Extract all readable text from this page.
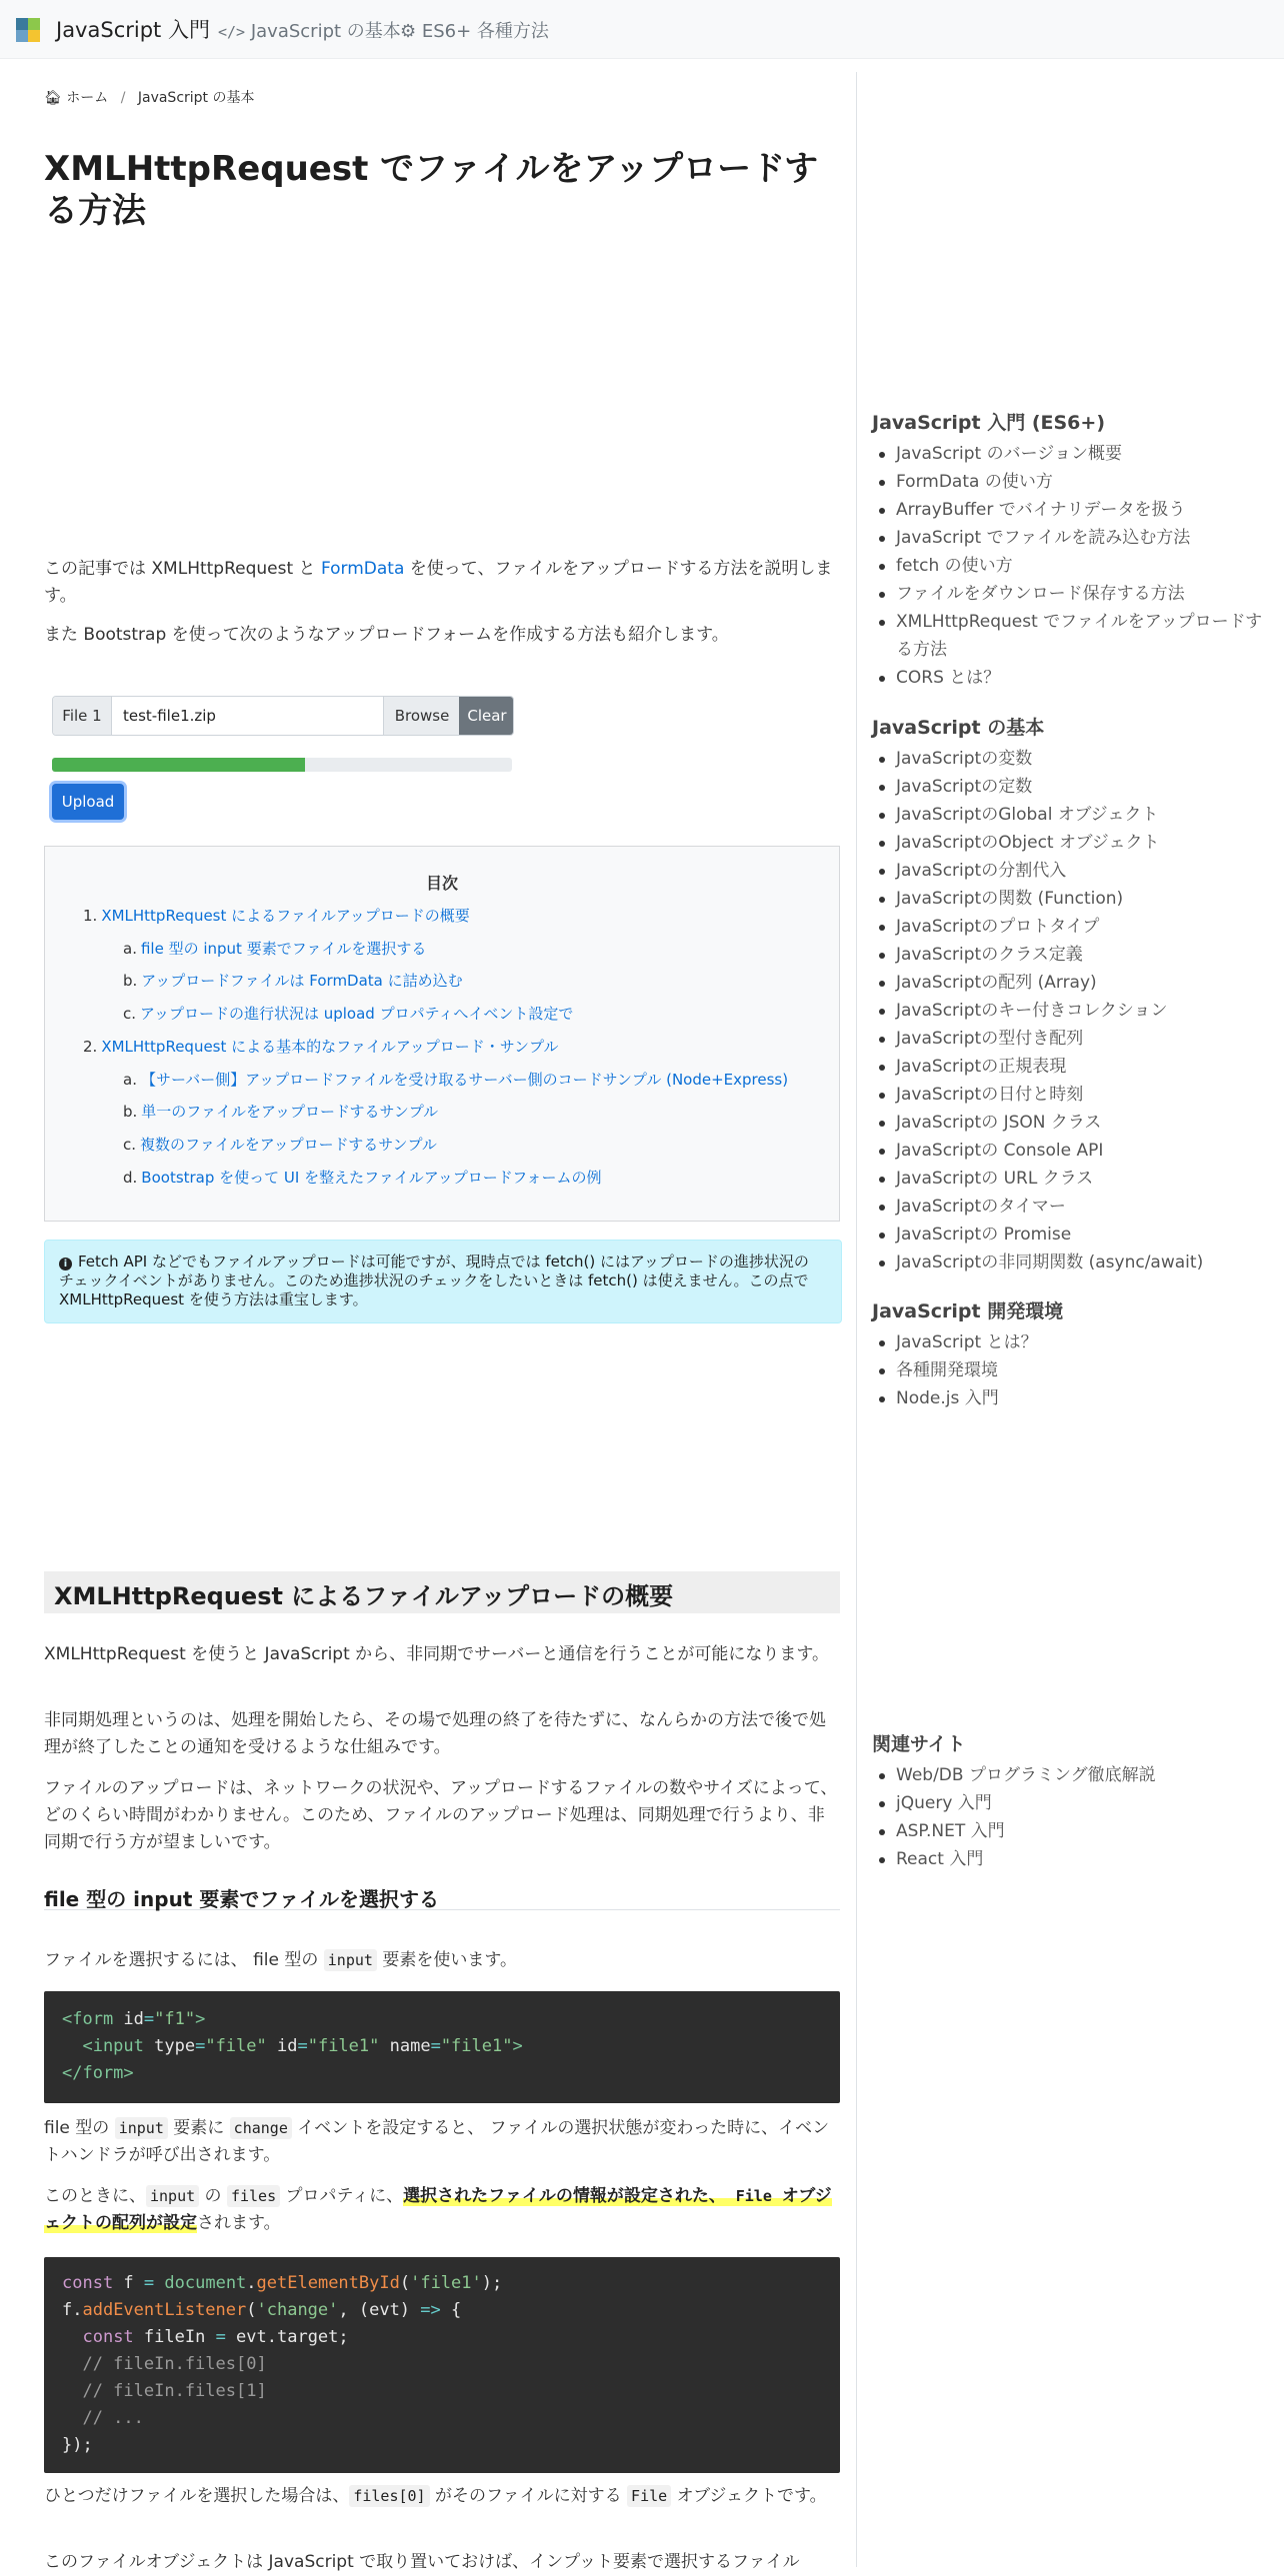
JavaScript 入門 </> JavaScript の基本 ⚙ ES6+ 各種方法
🏠︎ ホーム / JavaScript の基本
XMLHttpRequest でファイルをアップロードする方法

この記事では XMLHttpRequest と FormData を使って、ファイルをアップロードする方法を説明します。

また Bootstrap を使って次のようなアップロードフォームを作成する方法も紹介します。

File 1	test-file1.zip	Browse	Clear
Upload
目次
1. XMLHttpRequest によるファイルアップロードの概要
a. file 型の input 要素でファイルを選択する
b. アップロードファイルは FormData に詰め込む
c. アップロードの進行状況は upload プロパティへイベント設定で
2. XMLHttpRequest による基本的なファイルアップロード・サンプル
a. 【サーバー側】アップロードファイルを受け取るサーバー側のコードサンプル (Node+Express)
b. 単一のファイルをアップロードするサンプル
c. 複数のファイルをアップロードするサンプル
d. Bootstrap を使って UI を整えたファイルアップロードフォームの例
i Fetch API などでもファイルアップロードは可能ですが、現時点では fetch() にはアップロードの進捗状況のチェックイベントがありません。このため進捗状況のチェックをしたいときは fetch() は使えません。この点で XMLHttpRequest を使う方法は重宝します。
XMLHttpRequest によるファイルアップロードの概要

XMLHttpRequest を使うと JavaScript から、非同期でサーバーと通信を行うことが可能になります。

非同期処理というのは、処理を開始したら、その場で処理の終了を待たずに、なんらかの方法で後で処理が終了したことの通知を受けるような仕組みです。

ファイルのアップロードは、ネットワークの状況や、アップロードするファイルの数やサイズによって、 どのくらい時間がわかりません。このため、ファイルのアップロード処理は、同期処理で行うより、非同期で行う方が望ましいです。

file 型の input 要素でファイルを選択する

ファイルを選択するには、 file 型の input 要素を使います。

<form id="f1">
<input type="file" id="file1" name="file1">
</form>

file 型の input 要素に change イベントを設定すると、 ファイルの選択状態が変わった時に、イベントハンドラが呼び出されます。

このときに、 input の files プロパティに、選択されたファイルの情報が設定された、 File オブジェクトの配列が設定されます。

const f = document.getElementById('file1');
f.addEventListener('change', (evt) => {
const fileIn = evt.target;
// fileIn.files[0]
// fileIn.files[1]
// ...
});

ひとつだけファイルを選択した場合は、 files[0] がそのファイルに対する File オブジェクトです。

このファイルオブジェクトは JavaScript で取り置いておけば、インプット要素で選択するファイル

JavaScript 入門 (ES6+)
JavaScript のバージョン概要
FormData の使い方
ArrayBuffer でバイナリデータを扱う
JavaScript でファイルを読み込む方法
fetch の使い方
ファイルをダウンロード保存する方法
XMLHttpRequest でファイルをアップロードする方法
CORS とは？
JavaScript の基本
JavaScriptの変数
JavaScriptの定数
JavaScriptのGlobal オブジェクト
JavaScriptのObject オブジェクト
JavaScriptの分割代入
JavaScriptの関数 (Function)
JavaScriptのプロトタイプ
JavaScriptのクラス定義
JavaScriptの配列 (Array)
JavaScriptのキー付きコレクション
JavaScriptの型付き配列
JavaScriptの正規表現
JavaScriptの日付と時刻
JavaScriptの JSON クラス
JavaScriptの Console API
JavaScriptの URL クラス
JavaScriptのタイマー
JavaScriptの Promise
JavaScriptの非同期関数 (async/await)
JavaScript 開発環境
JavaScript とは？
各種開発環境
Node.js 入門
関連サイト
Web/DB プログラミング徹底解説
jQuery 入門
ASP.NET 入門
React 入門
